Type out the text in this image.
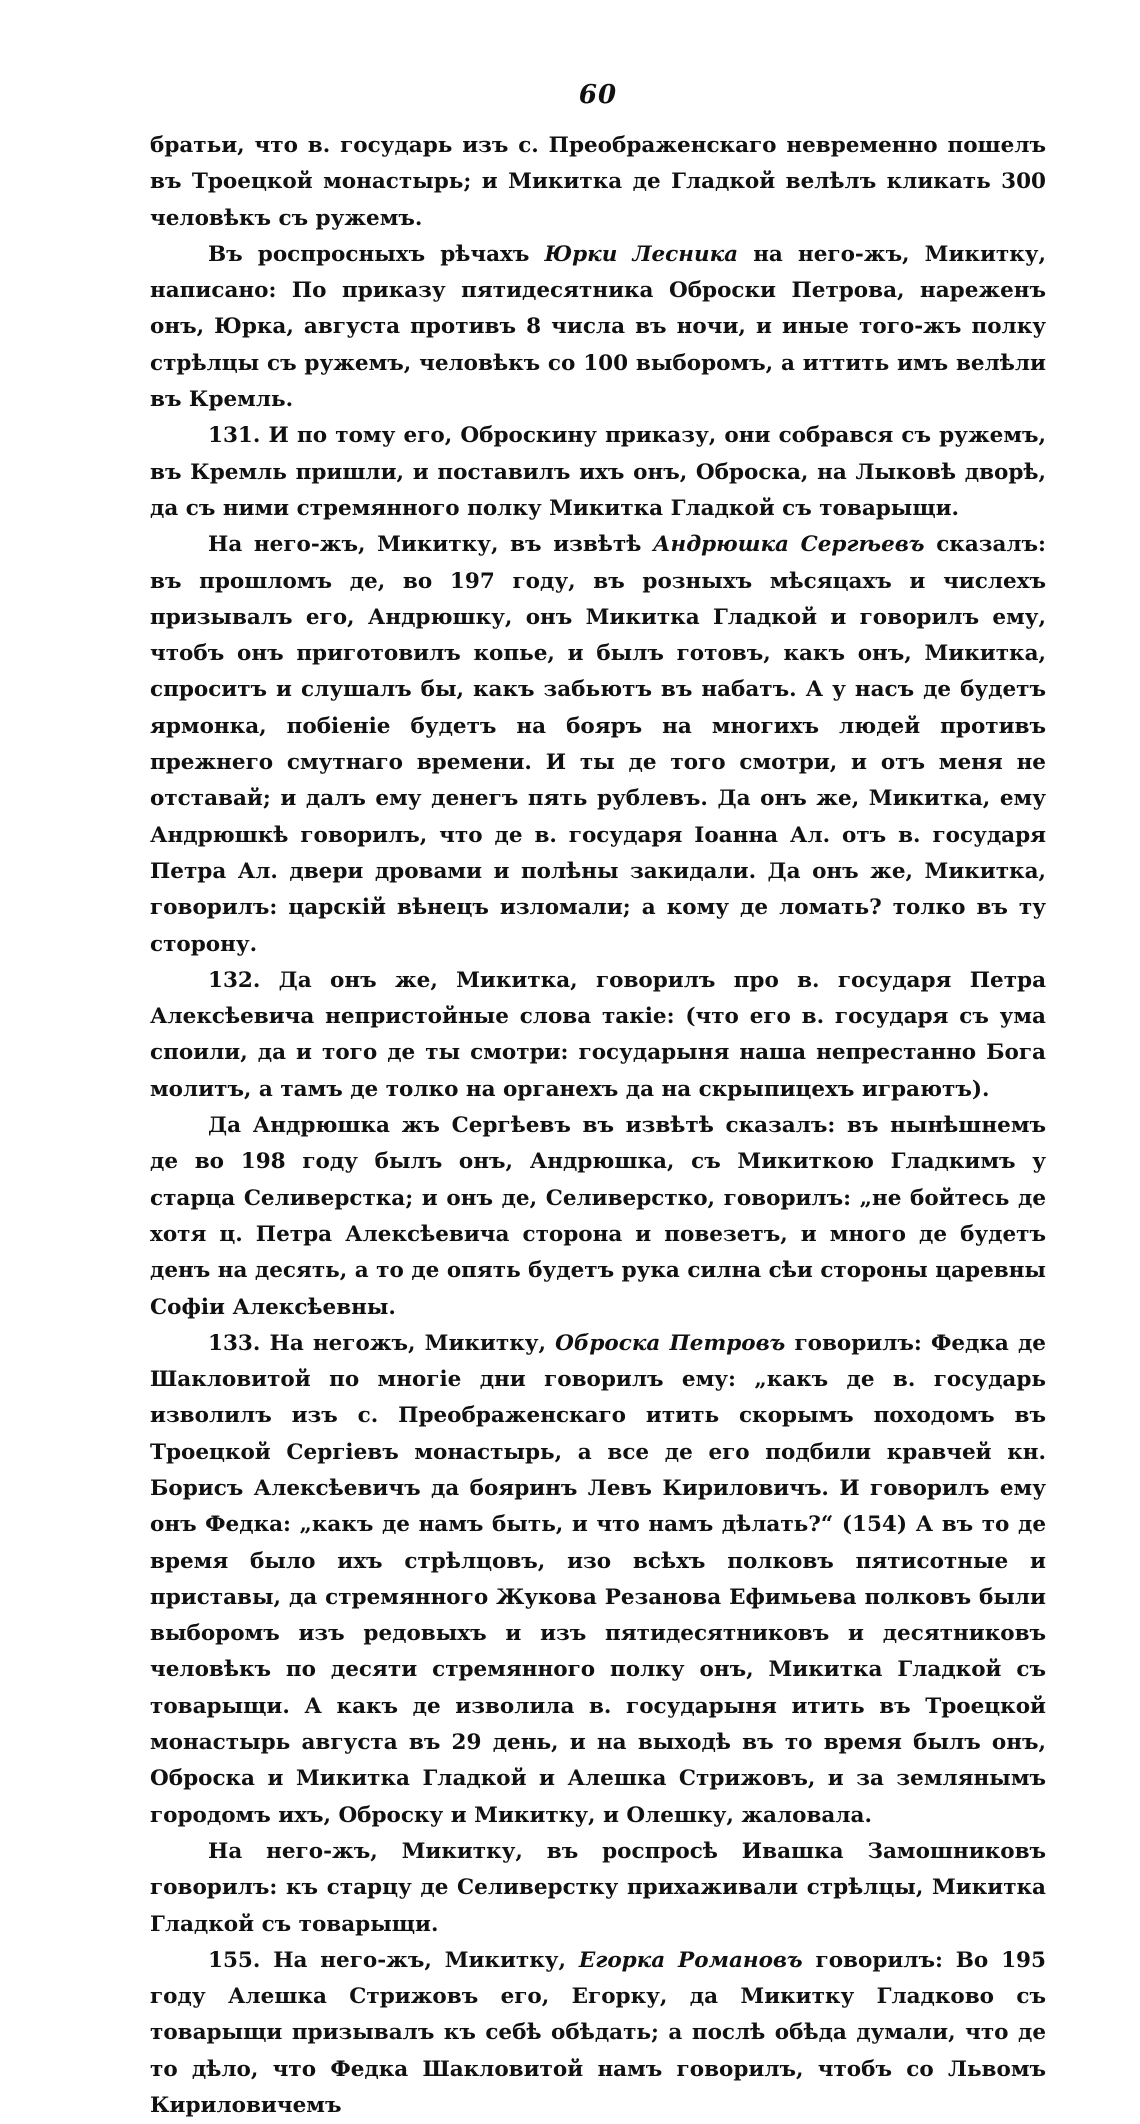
60

братьи, что в. государь изъ с. Преображенскаго невременно пошелъ въ Троецкой монастырь; и Микитка де Гладкой велѣлъ кликать 300 человѣкъ съ ружемъ.

Въ роспросныхъ рѣчахъ Юрки Лесника на него-жъ, Микитку, написано: По приказу пятидесятника Оброски Петрова, нареженъ онъ, Юрка, августа противъ 8 числа въ ночи, и иные того-жъ полку стрѣлцы съ ружемъ, человѣкъ со 100 выборомъ, а иттить имъ велѣли въ Кремль.

131. И по тому его, Оброскину приказу, они собрався съ ружемъ, въ Кремль пришли, и поставилъ ихъ онъ, Оброска, на Лыковѣ дворѣ, да съ ними стремянного полку Микитка Гладкой съ товарыщи.

На него-жъ, Микитку, въ извѣтѣ Андрюшка Сергѣевъ сказалъ: въ прошломъ де, во 197 году, въ розныхъ мѣсяцахъ и числехъ призывалъ его, Андрюшку, онъ Микитка Гладкой и говорилъ ему, чтобъ онъ приготовилъ копье, и былъ готовъ, какъ онъ, Микитка, спроситъ и слушалъ бы, какъ забьютъ въ набатъ. А у насъ де будетъ ярмонка, побіеніе будетъ на бояръ на многихъ людей противъ прежнего смутнаго времени. И ты де того смотри, и отъ меня не отставай; и далъ ему денегъ пять рублевъ. Да онъ же, Микитка, ему Андрюшкѣ говорилъ, что де в. государя Іоанна Ал. отъ в. государя Петра Ал. двери дровами и полѣны закидали. Да онъ же, Микитка, говорилъ: царскій вѣнецъ изломали; а кому де ломать? толко въ ту сторону.

132. Да онъ же, Микитка, говорилъ про в. государя Петра Алексѣевича непристойные слова такіе: (что его в. государя съ ума споили, да и того де ты смотри: государыня наша непрестанно Бога молитъ, а тамъ де толко на органехъ да на скрыпицехъ играютъ).

Да Андрюшка жъ Сергѣевъ въ извѣтѣ сказалъ: въ нынѣшнемъ де во 198 году былъ онъ, Андрюшка, съ Микиткою Гладкимъ у старца Селиверстка; и онъ де, Селиверстко, говорилъ: „не бойтесь де хотя ц. Петра Алексѣевича сторона и повезетъ, и много де будетъ денъ на десять, а то де опять будетъ рука силна сѣи стороны царевны Софіи Алексѣевны.

133. На негожъ, Микитку, Оброска Петровъ говорилъ: Федка де Шакловитой по многіе дни говорилъ ему: „какъ де в. государь изволилъ изъ с. Преображенскаго итить скорымъ походомъ въ Троецкой Сергіевъ монастырь, а все де его подбили кравчей кн. Борисъ Алексѣевичъ да бояринъ Левъ Кириловичъ. И говорилъ ему онъ Федка: „какъ де намъ быть, и что намъ дѣлать?“ (154) А въ то де время было ихъ стрѣлцовъ, изо всѣхъ полковъ пятисотные и приставы, да стремянного Жукова Резанова Ефимьева полковъ были выборомъ изъ редовыхъ и изъ пятидесятниковъ и десятниковъ человѣкъ по десяти стремянного полку онъ, Микитка Гладкой съ товарыщи. А какъ де изволила в. государыня итить въ Троецкой монастырь августа въ 29 день, и на выходѣ въ то время былъ онъ, Оброска и Микитка Гладкой и Алешка Стрижовъ, и за землянымъ городомъ ихъ, Оброску и Микитку, и Олешку, жаловала.

На него-жъ, Микитку, въ роспросѣ Ивашка Замошниковъ говорилъ: къ старцу де Селиверстку прихаживали стрѣлцы, Микитка Гладкой съ товарыщи.

155. На него-жъ, Микитку, Егорка Романовъ говорилъ: Во 195 году Алешка Стрижовъ его, Егорку, да Микитку Гладково съ товарыщи призывалъ къ себѣ обѣдать; а послѣ обѣда думали, что де то дѣло, что Федка Шакловитой намъ говорилъ, чтобъ со Львомъ Кириловичемъ
